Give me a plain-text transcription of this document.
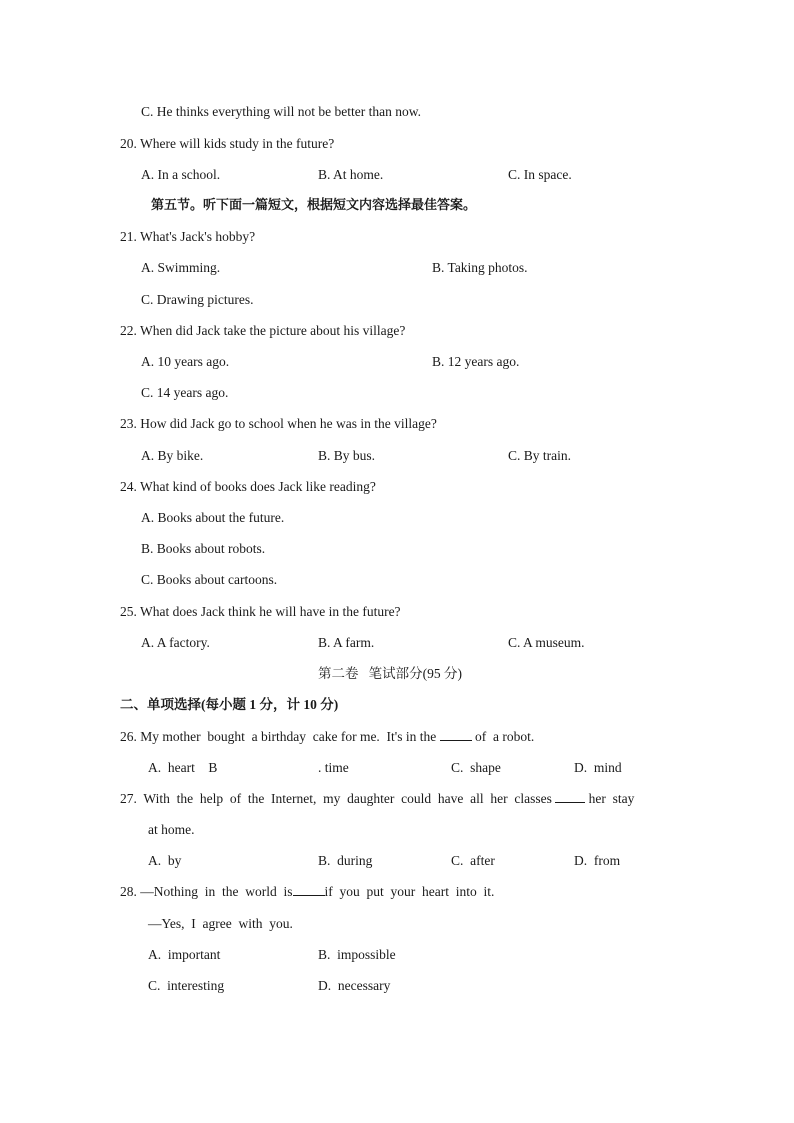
C. He thinks everything will not be better than now.
20. Where will kids study in the future?
A. In a school.	B. At home.	C. In space.
第五节。听下面一篇短文，根据短文内容选择最佳答案。
21. What's Jack's hobby?
A. Swimming.	B. Taking photos.
C. Drawing pictures.
22. When did Jack take the picture about his village?
A. 10 years ago.	B. 12 years ago.
C. 14 years ago.
23. How did Jack go to school when he was in the village?
A. By bike.	B. By bus.	C. By train.
24. What kind of books does Jack like reading?
A. Books about the future.
B. Books about robots.
C. Books about cartoons.
25. What does Jack think he will have in the future?
A. A factory.	B. A farm.	C. A museum.
第二卷   笔试部分(95 分)
二、单项选择(每小题 1 分，计 10 分)
26. My mother  bought  a birthday  cake for me.  It's in the  of  a robot.
A.  heart    B	. time	C.  shape	D.  mind
27.  With  the  help  of  the  Internet,  my  daughter  could  have  all  her  classes  her  stay
at home.
A.  by	B.  during	C.  after	D.  from
28. —Nothing  in  the  world  is if  you  put  your  heart  into  it.
—Yes,  I  agree  with  you.
A.  important	B.  impossible
C.  interesting	D.  necessary
